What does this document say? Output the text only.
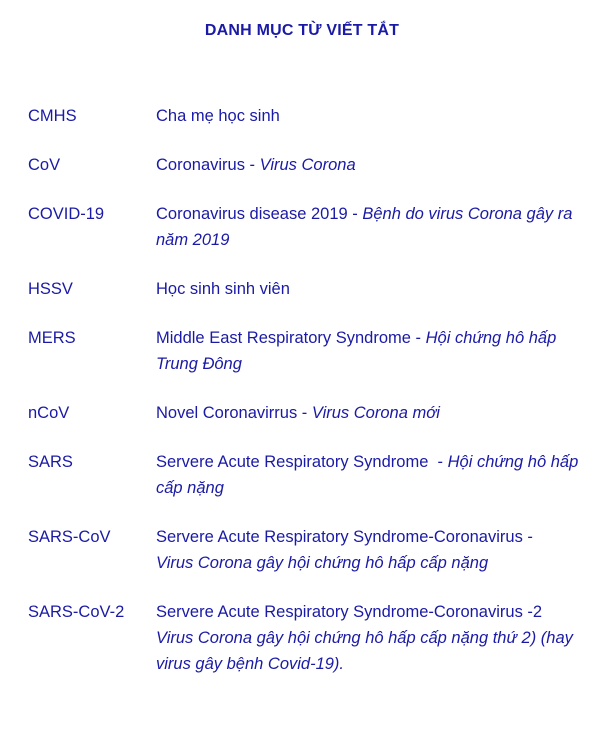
DANH MỤC TỪ VIẾT TẮT
CMHS	Cha mẹ học sinh
CoV	Coronavirus - Virus Corona
COVID-19	Coronavirus disease 2019 - Bệnh do virus Corona gây ra năm 2019
HSSV	Học sinh sinh viên
MERS	Middle East Respiratory Syndrome - Hội chứng hô hấp Trung Đông
nCoV	Novel Coronavirrus - Virus Corona mới
SARS	Servere Acute Respiratory Syndrome  - Hội chứng hô hấp cấp nặng
SARS-CoV	Servere Acute Respiratory Syndrome-Coronavirus -
Virus Corona gây hội chứng hô hấp cấp nặng
SARS-CoV-2	Servere Acute Respiratory Syndrome-Coronavirus -2
Virus Corona gây hội chứng hô hấp cấp nặng thứ 2) (hay virus gây bệnh Covid-19).
